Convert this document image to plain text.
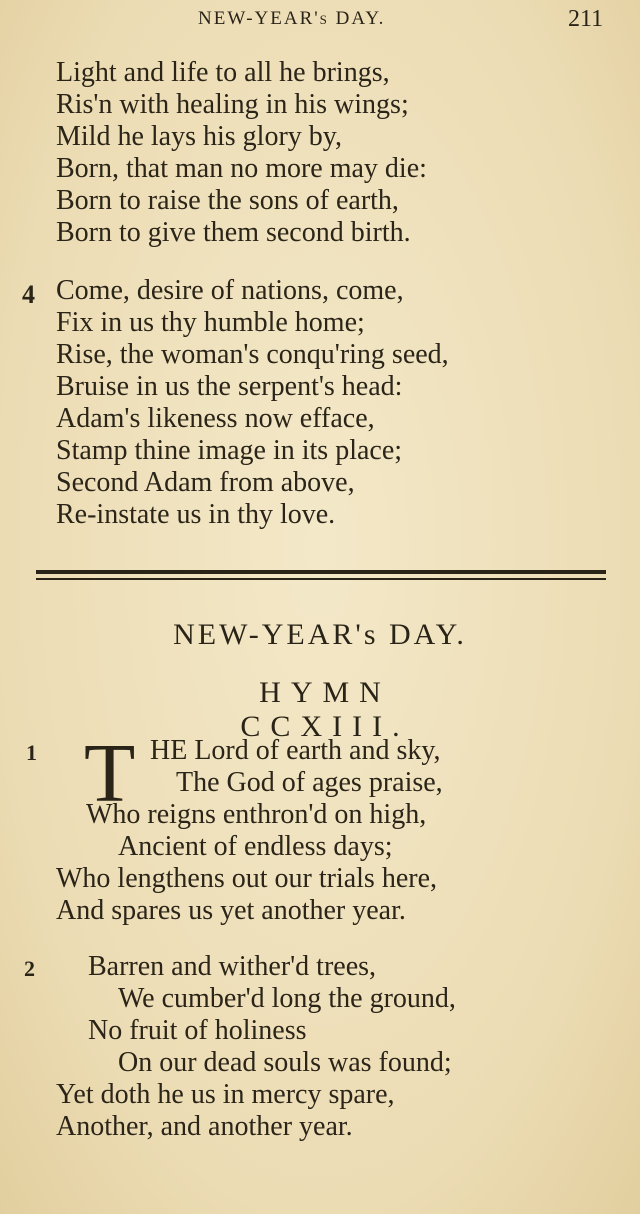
NEW-YEAR's DAY.	211
Light and life to all he brings,
Ris'n with healing in his wings;
Mild he lays his glory by,
Born, that man no more may die:
Born to raise the sons of earth,
Born to give them second birth.
4 Come, desire of nations, come,
Fix in us thy humble home;
Rise, the woman's conqu'ring seed,
Bruise in us the serpent's head:
Adam's likeness now efface,
Stamp thine image in its place;
Second Adam from above,
Re-instate us in thy love.
NEW-YEAR's DAY.
HYMN CCXIII.
1 T HE Lord of earth and sky,
The God of ages praise,
Who reigns enthron'd on high,
Ancient of endless days;
Who lengthens out our trials here,
And spares us yet another year.
2 Barren and wither'd trees,
We cumber'd long the ground,
No fruit of holiness
On our dead souls was found;
Yet doth he us in mercy spare,
Another, and another year.
